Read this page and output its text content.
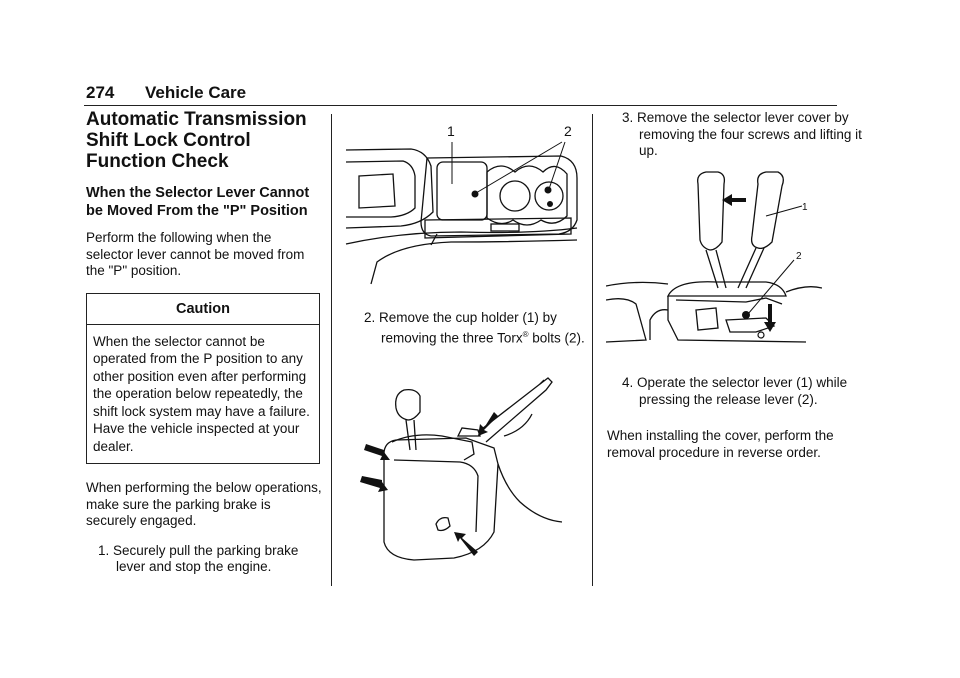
274 Vehicle Care
Automatic Transmission Shift Lock Control Function Check
When the Selector Lever Cannot be Moved From the "P" Position
Perform the following when the selector lever cannot be moved from the "P" position.
Caution
When the selector cannot be operated from the P position to any other position even after performing the operation below repeatedly, the shift lock system may have a failure. Have the vehicle inspected at your dealer.
When performing the below operations, make sure the parking brake is securely engaged.
1. Securely pull the parking brake lever and stop the engine.
1	2
2. Remove the cup holder (1) by removing the three Torx® bolts (2).
3. Remove the selector lever cover by removing the four screws and lifting it up.
1
2
4. Operate the selector lever (1) while pressing the release lever (2).
When installing the cover, perform the removal procedure in reverse order.
